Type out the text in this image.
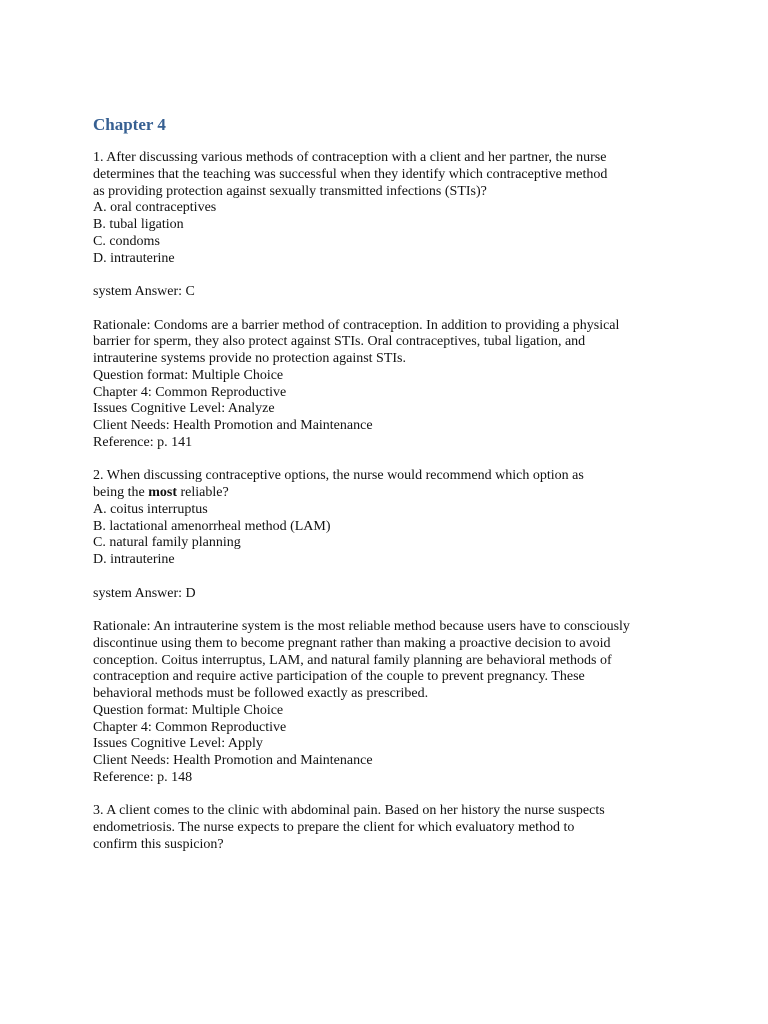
Chapter 4
1. After discussing various methods of contraception with a client and her partner, the nurse
determines that the teaching was successful when they identify which contraceptive method
as providing protection against sexually transmitted infections (STIs)?
A. oral contraceptives
B. tubal ligation
C. condoms
D. intrauterine
system Answer: C
Rationale: Condoms are a barrier method of contraception. In addition to providing a physical
barrier for sperm, they also protect against STIs. Oral contraceptives, tubal ligation, and
intrauterine systems provide no protection against STIs.
Question format: Multiple Choice
Chapter 4: Common Reproductive
Issues Cognitive Level: Analyze
Client Needs: Health Promotion and Maintenance
Reference: p. 141
2. When discussing contraceptive options, the nurse would recommend which option as
being the most reliable?
A. coitus interruptus
B. lactational amenorrheal method (LAM)
C. natural family planning
D. intrauterine
system Answer: D
Rationale: An intrauterine system is the most reliable method because users have to consciously
discontinue using them to become pregnant rather than making a proactive decision to avoid
conception. Coitus interruptus, LAM, and natural family planning are behavioral methods of
contraception and require active participation of the couple to prevent pregnancy. These
behavioral methods must be followed exactly as prescribed.
Question format: Multiple Choice
Chapter 4: Common Reproductive
Issues Cognitive Level: Apply
Client Needs: Health Promotion and Maintenance
Reference: p. 148
3. A client comes to the clinic with abdominal pain. Based on her history the nurse suspects
endometriosis. The nurse expects to prepare the client for which evaluatory method to
confirm this suspicion?
